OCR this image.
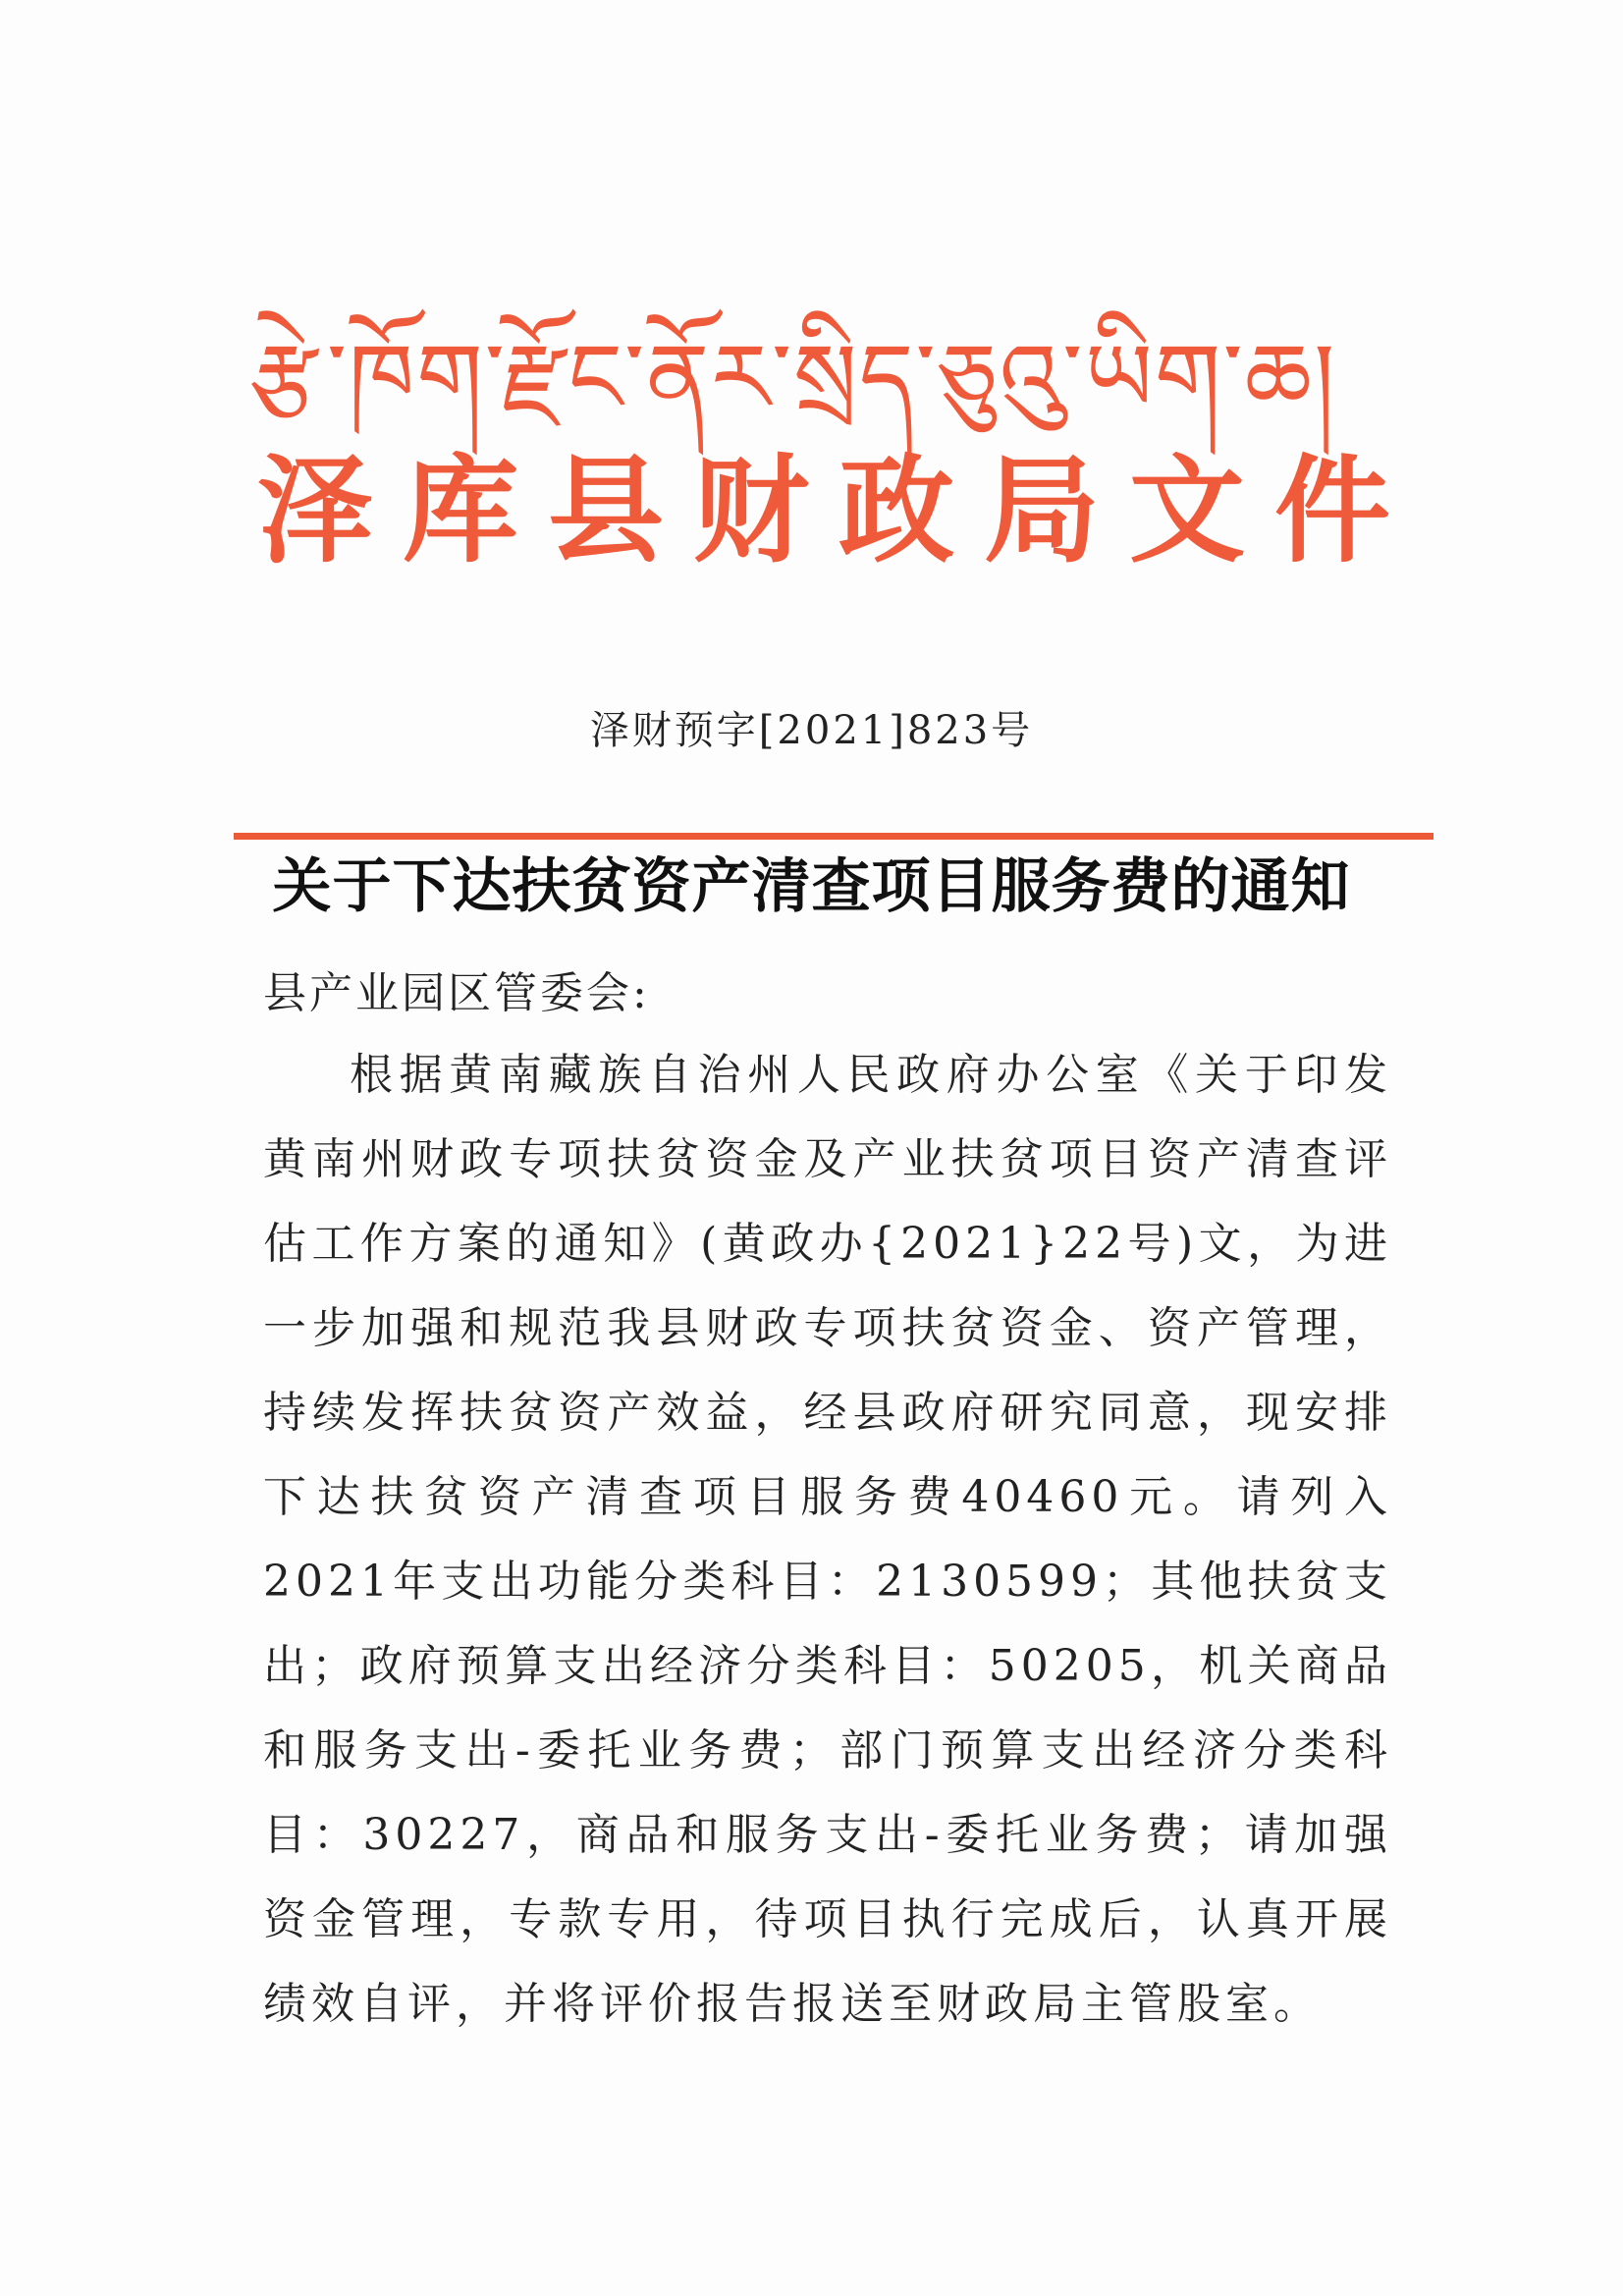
རྩེ་ཁོག་རྫོང་ནོར་སྲིད་ཅུའུ་ཡིག་ཆ།
泽库县财政局文件
泽财预字[2021]823号
关于下达扶贫资产清查项目服务费的通知
县产业园区管委会:
根据黄南藏族自治州人民政府办公室《关于印发黄南州财政专项扶贫资金及产业扶贫项目资产清查评估工作方案的通知》(黄政办{2021}22号)文，为进一步加强和规范我县财政专项扶贫资金、资产管理，持续发挥扶贫资产效益，经县政府研究同意，现安排下达扶贫资产清查项目服务费40460元。请列入2021年支出功能分类科目：2130599；其他扶贫支出；政府预算支出经济分类科目：50205，机关商品和服务支出-委托业务费；部门预算支出经济分类科目：30227，商品和服务支出-委托业务费；请加强资金管理，专款专用，待项目执行完成后，认真开展绩效自评，并将评价报告报送至财政局主管股室。
